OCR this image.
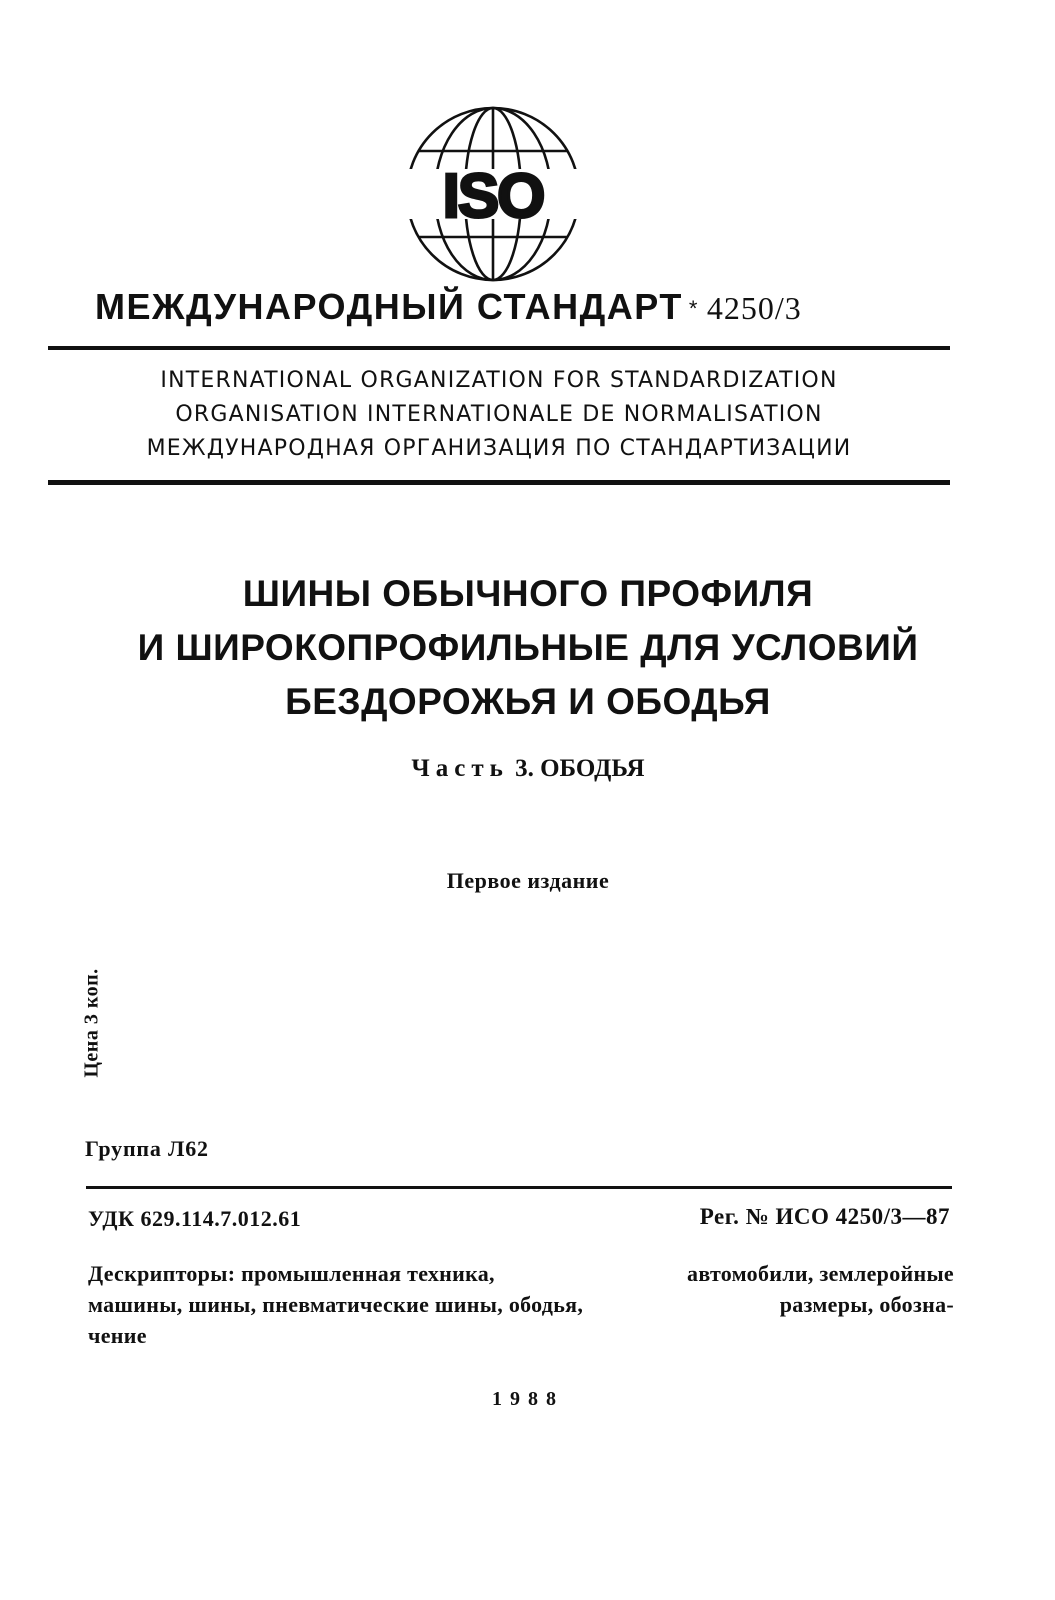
ISO
МЕЖДУНАРОДНЫЙ СТАНДАРТ * 4250/3
INTERNATIONAL ORGANIZATION FOR STANDARDIZATION
ORGANISATION INTERNATIONALE DE NORMALISATION
МЕЖДУНАРОДНАЯ ОРГАНИЗАЦИЯ ПО СТАНДАРТИЗАЦИИ
ШИНЫ ОБЫЧНОГО ПРОФИЛЯ
И ШИРОКОПРОФИЛЬНЫЕ ДЛЯ УСЛОВИЙ
БЕЗДОРОЖЬЯ И ОБОДЬЯ
Часть 3. ОБОДЬЯ
Первое издание
Цена 3 коп.
Группа Л62
УДК 629.114.7.012.61	Рег. № ИСО 4250/3—87
Дескрипторы: промышленная техника,	автомобили, землеройные
машины, шины, пневматические шины, ободья,	размеры, обозна-
чение
1988
